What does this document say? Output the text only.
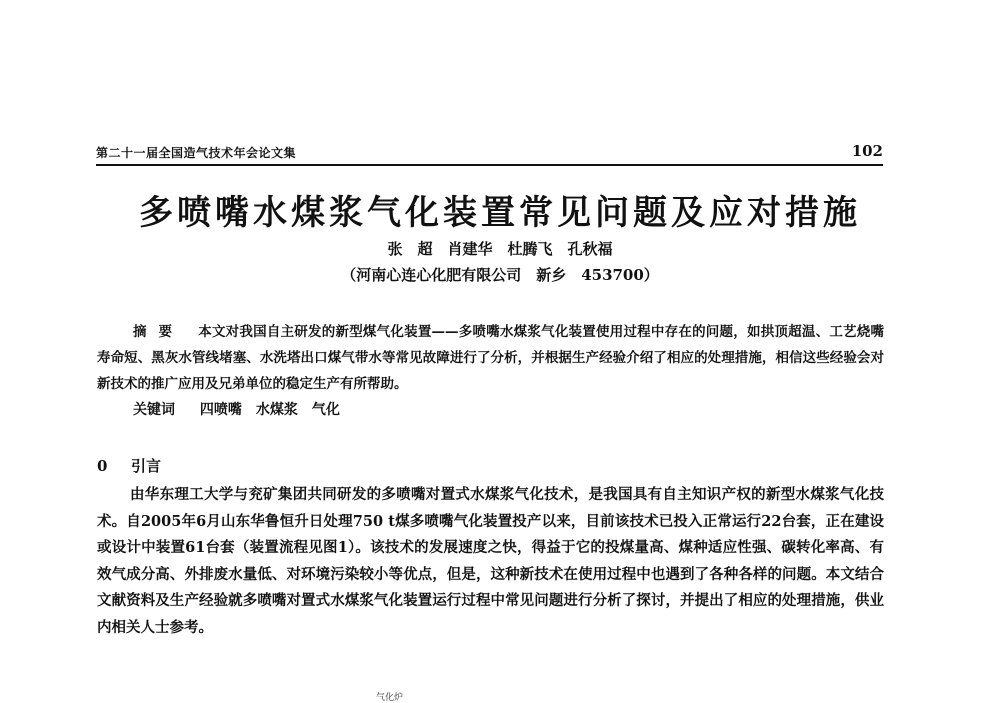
第二十一届全国造气技术年会论文集	102
多喷嘴水煤浆气化装置常见问题及应对措施
张　超　肖建华　杜腾飞　孔秋福
（河南心连心化肥有限公司　新乡　453700）
摘要 本文对我国自主研发的新型煤气化装置——多喷嘴水煤浆气化装置使用过程中存在的问题，如拱顶超温、工艺烧嘴寿命短、黑灰水管线堵塞、水洗塔出口煤气带水等常见故障进行了分析，并根据生产经验介绍了相应的处理措施，相信这些经验会对新技术的推广应用及兄弟单位的稳定生产有所帮助。
关键词 四喷嘴　水煤浆　气化
0 引言

由华东理工大学与兖矿集团共同研发的多喷嘴对置式水煤浆气化技术，是我国具有自主知识产权的新型水煤浆气化技术。自2005年6月山东华鲁恒升日处理750 t煤多喷嘴气化装置投产以来，目前该技术已投入正常运行22台套，正在建设或设计中装置61台套（装置流程见图1）。该技术的发展速度之快，得益于它的投煤量高、煤种适应性强、碳转化率高、有效气成分高、外排废水量低、对环境污染较小等优点，但是，这种新技术在使用过程中也遇到了各种各样的问题。本文结合文献资料及生产经验就多喷嘴对置式水煤浆气化装置运行过程中常见问题进行分析了探讨，并提出了相应的处理措施，供业内相关人士参考。

气化炉
